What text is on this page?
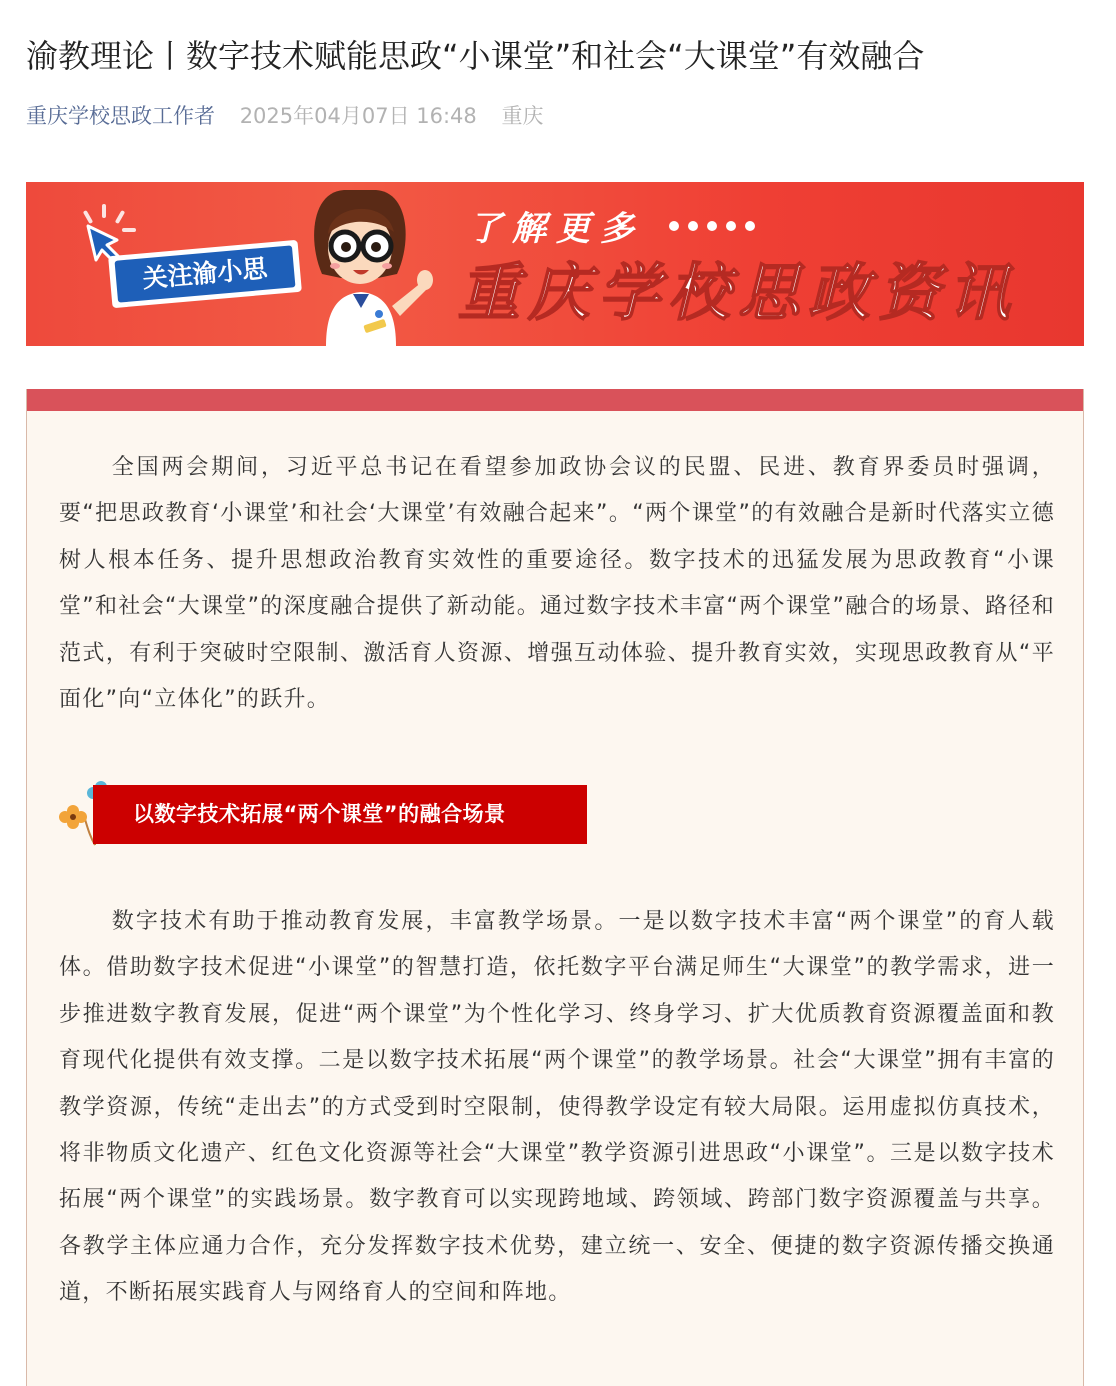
渝教理论丨数字技术赋能思政“小课堂”和社会“大课堂”有效融合
重庆学校思政工作者 2025年04月07日 16:48 重庆
关注渝小思
了解更多
重庆学校思政资讯

全国两会期间，习近平总书记在看望参加政协会议的民盟、民进、教育界委员时强调，要“把思政教育‘小课堂’和社会‘大课堂’有效融合起来”。“两个课堂”的有效融合是新时代落实立德树人根本任务、提升思想政治教育实效性的重要途径。数字技术的迅猛发展为思政教育“小课堂”和社会“大课堂”的深度融合提供了新动能。通过数字技术丰富“两个课堂”融合的场景、路径和范式，有利于突破时空限制、激活育人资源、增强互动体验、提升教育实效，实现思政教育从“平面化”向“立体化”的跃升。

以数字技术拓展“两个课堂”的融合场景

数字技术有助于推动教育发展，丰富教学场景。一是以数字技术丰富“两个课堂”的育人载体。借助数字技术促进“小课堂”的智慧打造，依托数字平台满足师生“大课堂”的教学需求，进一步推进数字教育发展，促进“两个课堂”为个性化学习、终身学习、扩大优质教育资源覆盖面和教育现代化提供有效支撑。二是以数字技术拓展“两个课堂”的教学场景。社会“大课堂”拥有丰富的教学资源，传统“走出去”的方式受到时空限制，使得教学设定有较大局限。运用虚拟仿真技术，将非物质文化遗产、红色文化资源等社会“大课堂”教学资源引进思政“小课堂”。三是以数字技术拓展“两个课堂”的实践场景。数字教育可以实现跨地域、跨领域、跨部门数字资源覆盖与共享。各教学主体应通力合作，充分发挥数字技术优势，建立统一、安全、便捷的数字资源传播交换通道，不断拓展实践育人与网络育人的空间和阵地。
